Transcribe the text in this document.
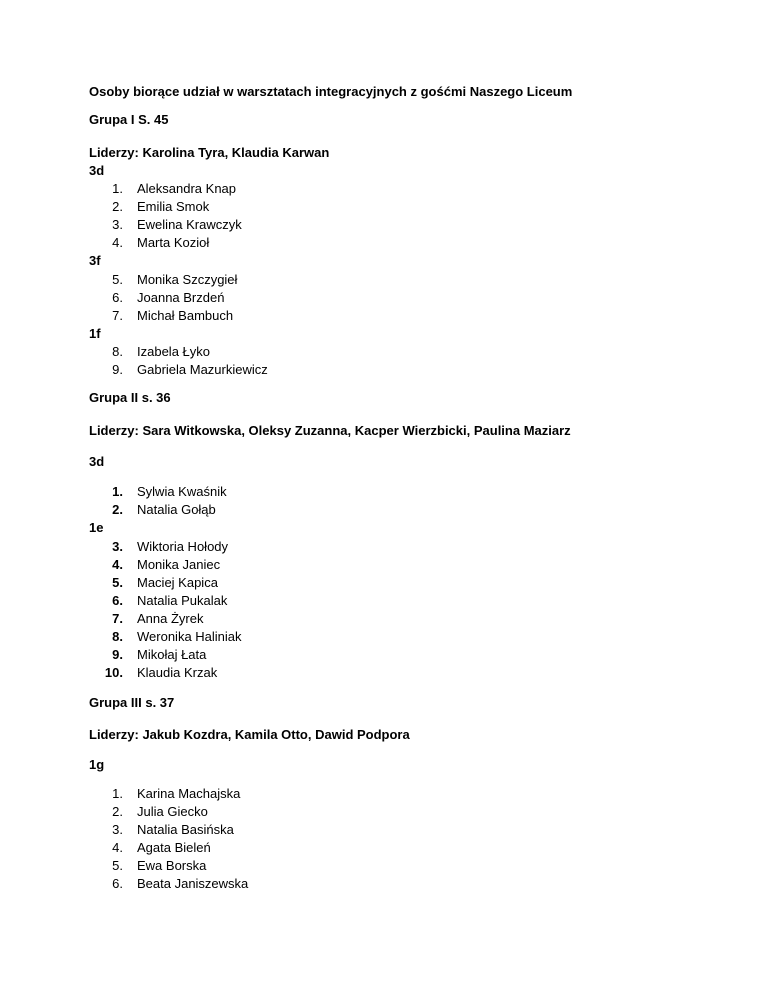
Osoby biorące udział w warsztatach integracyjnych z gośćmi Naszego Liceum
Grupa I S. 45
Liderzy: Karolina Tyra, Klaudia Karwan
3d
1. Aleksandra Knap
2. Emilia Smok
3. Ewelina Krawczyk
4. Marta Kozioł
3f
5. Monika Szczygieł
6. Joanna Brzdeń
7. Michał Bambuch
1f
8. Izabela Łyko
9. Gabriela Mazurkiewicz
Grupa II s. 36
Liderzy: Sara Witkowska, Oleksy Zuzanna, Kacper Wierzbicki, Paulina Maziarz
3d
1. Sylwia Kwaśnik
2. Natalia Gołąb
1e
3. Wiktoria Hołody
4. Monika Janiec
5. Maciej Kapica
6. Natalia Pukalak
7. Anna Żyrek
8. Weronika Haliniak
9. Mikołaj Łata
10. Klaudia Krzak
Grupa III s. 37
Liderzy: Jakub Kozdra, Kamila Otto, Dawid Podpora
1g
1. Karina Machajska
2. Julia Giecko
3. Natalia Basińska
4. Agata Bieleń
5. Ewa Borska
6. Beata Janiszewska
